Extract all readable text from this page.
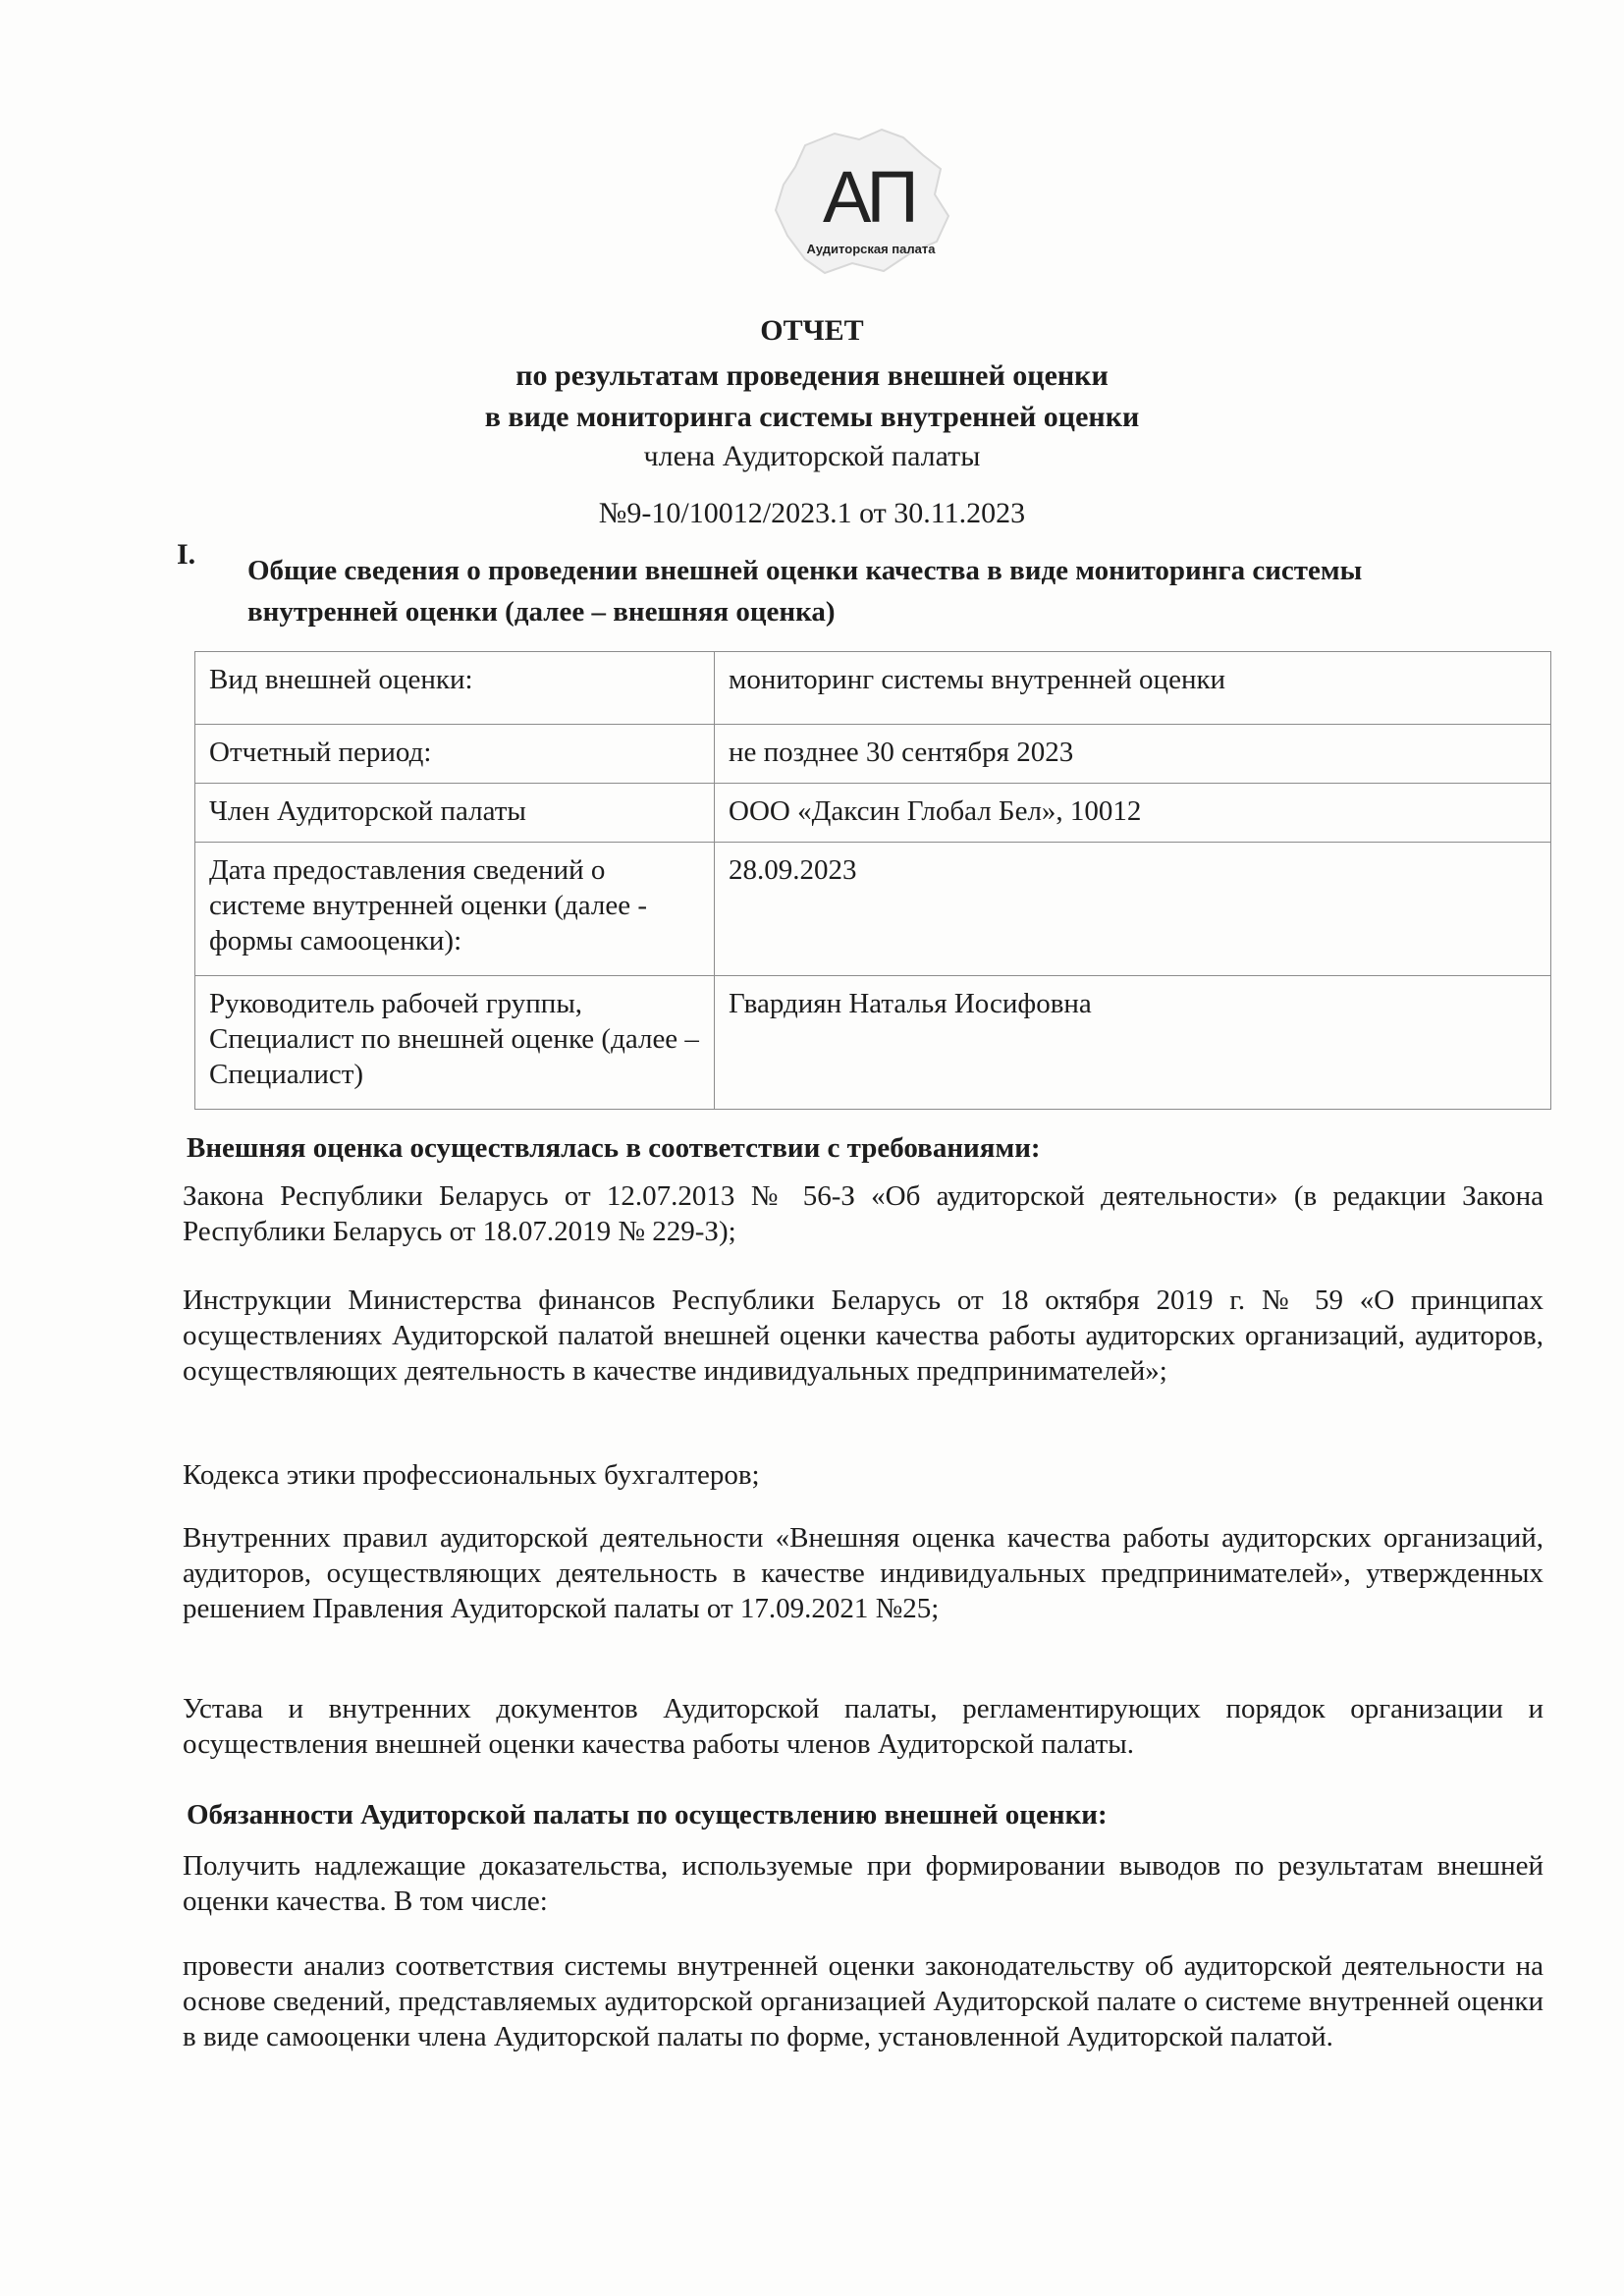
АП
Аудиторская палата
ОТЧЕТ
по результатам проведения внешней оценки
в виде мониторинга системы внутренней оценки
члена Аудиторской палаты
№9-10/10012/2023.1 от 30.11.2023
I. Общие сведения о проведении внешней оценки качества в виде мониторинга системы внутренней оценки (далее – внешняя оценка)
Вид внешней оценки:	мониторинг системы внутренней оценки
Отчетный период:	не позднее 30 сентября 2023
Член Аудиторской палаты	ООО «Даксин Глобал Бел», 10012
Дата предоставления сведений о системе внутренней оценки (далее - формы самооценки):	28.09.2023
Руководитель рабочей группы, Специалист по внешней оценке (далее – Специалист)	Гвардиян Наталья Иосифовна
Внешняя оценка осуществлялась в соответствии с требованиями:
Закона Республики Беларусь от 12.07.2013 № 56-З «Об аудиторской деятельности» (в редакции Закона Республики Беларусь от 18.07.2019 № 229-З);
Инструкции Министерства финансов Республики Беларусь от 18 октября 2019 г. № 59 «О принципах осуществлениях Аудиторской палатой внешней оценки качества работы аудиторских организаций, аудиторов, осуществляющих деятельность в качестве индивидуальных предпринимателей»;
Кодекса этики профессиональных бухгалтеров;
Внутренних правил аудиторской деятельности «Внешняя оценка качества работы аудиторских организаций, аудиторов, осуществляющих деятельность в качестве индивидуальных предпринимателей», утвержденных решением Правления Аудиторской палаты от 17.09.2021 №25;
Устава и внутренних документов Аудиторской палаты, регламентирующих порядок организации и осуществления внешней оценки качества работы членов Аудиторской палаты.
Обязанности Аудиторской палаты по осуществлению внешней оценки:
Получить надлежащие доказательства, используемые при формировании выводов по результатам внешней оценки качества. В том числе:
провести анализ соответствия системы внутренней оценки законодательству об аудиторской деятельности на основе сведений, представляемых аудиторской организацией Аудиторской палате о системе внутренней оценки в виде самооценки члена Аудиторской палаты по форме, установленной Аудиторской палатой.
